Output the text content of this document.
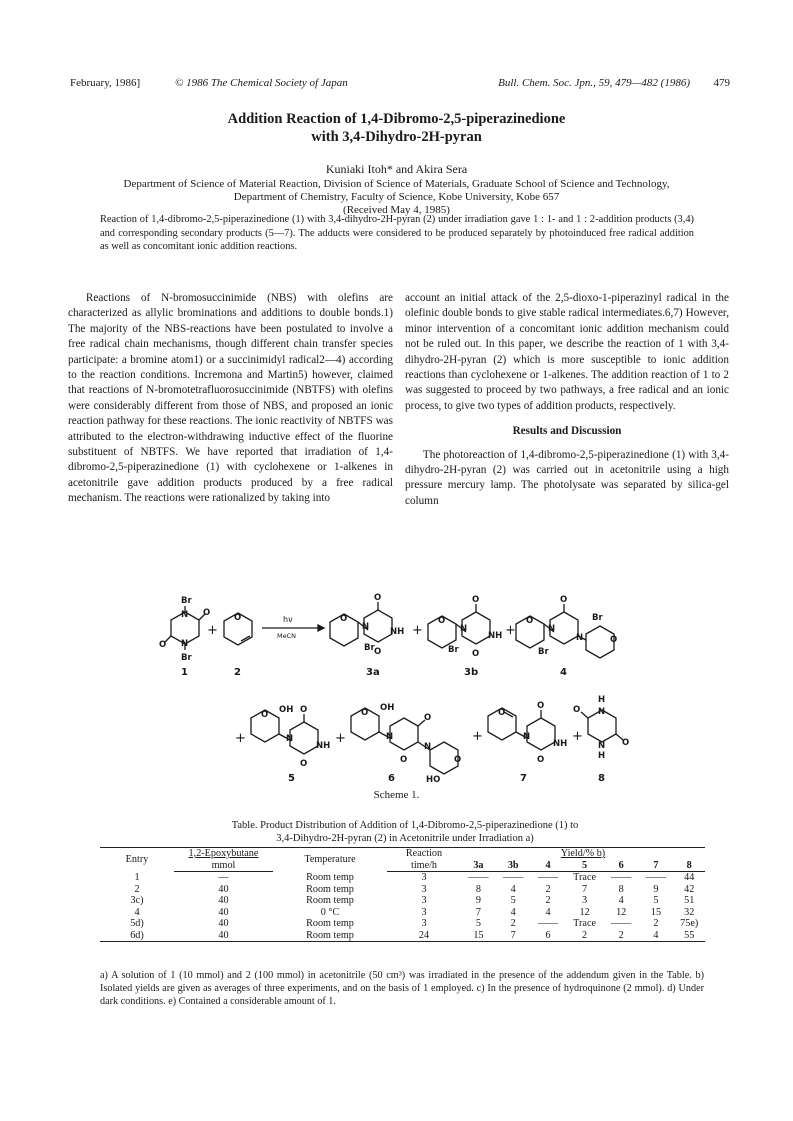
February, 1986]	© 1986 The Chemical Society of Japan	Bull. Chem. Soc. Jpn., 59, 479—482 (1986) 479
Addition Reaction of 1,4-Dibromo-2,5-piperazinedione
with 3,4-Dihydro-2H-pyran
Kuniaki Itoh* and Akira Sera
Department of Science of Material Reaction, Division of Science of Materials, Graduate School of Science and Technology,
Department of Chemistry, Faculty of Science, Kobe University, Kobe 657
(Received May 4, 1985)
Reaction of 1,4-dibromo-2,5-piperazinedione (1) with 3,4-dihydro-2H-pyran (2) under irradiation gave 1 : 1- and 1 : 2-addition products (3,4) and corresponding secondary products (5—7). The adducts were considered to be produced separately by photoinduced free radical addition as well as concomitant ionic addition reactions.

Reactions of N-bromosuccinimide (NBS) with olefins are characterized as allylic brominations and additions to double bonds.1) The majority of the NBS-reactions have been postulated to involve a free radical chain mechanisms, though different chain transfer species participate: a bromine atom1) or a succinimidyl radical2—4) according to the reaction conditions. Incremona and Martin5) however, claimed that reactions of N-bromotetrafluorosuccinimide (NBTFS) with olefins were considerably different from those of NBS, and proposed an ionic reaction pathway for these reactions. The ionic reactivity of NBTFS was attributed to the electron-withdrawing inductive effect of the fluorine substituent of NBTFS. We have reported that irradiation of 1,4-dibromo-2,5-piperazinedione (1) with cyclohexene or 1-alkenes in acetonitrile gave addition products produced by a free radical mechanism. The reactions were rationalized by taking into

account an initial attack of the 2,5-dioxo-1-piperazinyl radical in the olefinic double bonds to give stable radical intermediates.6,7) However, minor intervention of a concomitant ionic addition mechanism could not be ruled out. In this paper, we describe the reaction of 1 with 3,4-dihydro-2H-pyran (2) which is more susceptible to ionic addition reactions than cyclohexene or 1-alkenes. The addition reaction of 1 to 2 was suggested to proceed by two pathways, a free radical and an ionic process, to give two types of addition products, respectively.

Results and Discussion

The photoreaction of 1,4-dibromo-2,5-piperazinedione (1) with 3,4-dihydro-2H-pyran (2) was carried out in acetonitrile using a high pressure mercury lamp. The photolysate was separated by silica-gel column

Br
N O
O N
Br
+
O	hν
MeCN
O
O
N NH
Br O
+
O
O
N
NH
Br O
+
O
O
N
N
Br
Br
O
1	2	3a	3b	4
+
O OH O
N
NH
O
+
O OH
O
N
N
O
HO
O
+
O
O
N
NH
O
+
H
N
O
O
N
H
5	6	7	8
Scheme 1.
Table. Product Distribution of Addition of 1,4-Dibromo-2,5-piperazinedione (1) to
3,4-Dihydro-2H-pyran (2) in Acetonitrile under Irradiation a)
Entry	1,2-Epoxybutane	Temperature	Reaction	Yield/% b)						
	mmol		time/h	3a	3b	4	5	6	7	8
1	—	Room temp	3	——	——	——	Trace	——	——	44
2	40	Room temp	3	8	4	2	7	8	9	42
3c)	40	Room temp	3	9	5	2	3	4	5	51
4	40	0 °C	3	7	4	4	12	12	15	32
5d)	40	Room temp	3	5	2	——	Trace	——	2	75e)
6d)	40	Room temp	24	15	7	6	2	2	4	55
a) A solution of 1 (10 mmol) and 2 (100 mmol) in acetonitrile (50 cm³) was irradiated in the presence of the addendum given in the Table. b) Isolated yields are given as averages of three experiments, and on the basis of 1 employed. c) In the presence of hydroquinone (2 mmol). d) Under dark conditions. e) Contained a considerable amount of 1.
